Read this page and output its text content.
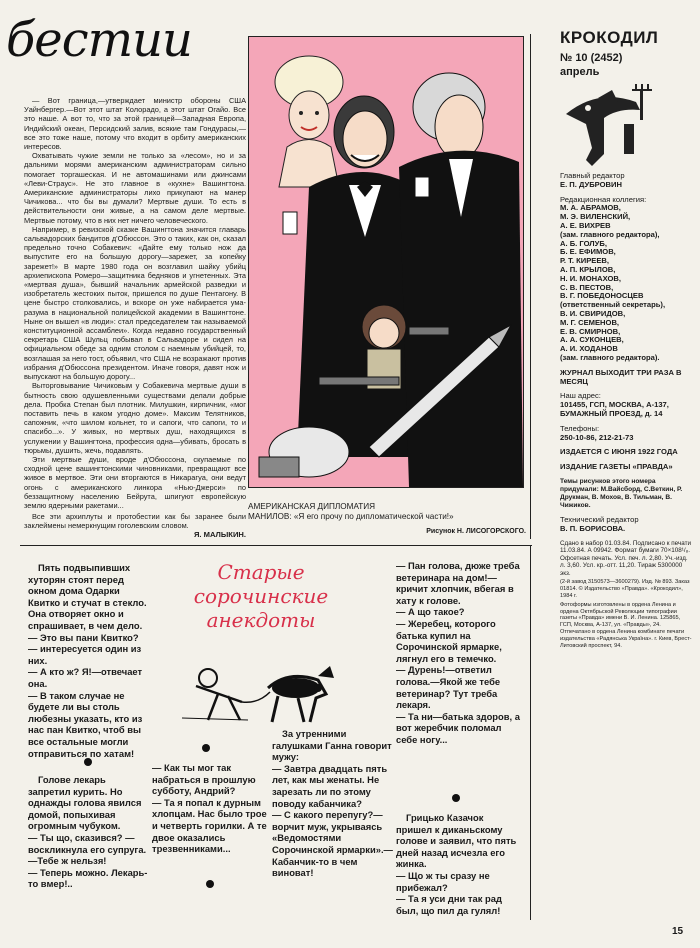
бестии

— Вот граница,—утверждает министр обороны США Уайнбергер.—Вот этот штат Колорадо, а этот штат Огайо. Все это наше. А вот то, что за этой границей—Западная Европа, Индийский океан, Персидский залив, всякие там Гондурасы,—все это тоже наше, потому что входит в орбиту американских интересов.

Охватывать чужие земли не только за «лесом», но и за дальними морями американским администраторам сильно помогает торгашеская. И не автомашинами или джинсами «Леви-Страус». Не это главное в «кухне» Вашингтона. Американские администраторы лихо прикупают на манер Чичикова... что бы вы думали? Мертвые души. То есть в действительности они живые, а на самом деле мертвые. Мертвые потому, что в них нет ничего человеческого.

Например, в ревизской сказке Вашингтона значится главарь сальвадорских бандитов д'Обюссон. Это о таких, как он, сказал предельно точно Собакевич: «Дайте ему только нож да выпустите его на большую дорогу—зарежет, за копейку зарежет!» В марте 1980 года он возглавил шайку убийц архиепископа Ромеро—защитника бедняков и угнетенных. Эта «мертвая душа», бывший начальник армейской разведки и изобретатель жестоких пыток, пришелся по душе Пентагону. В цене быстро столковались, и вскоре он уже набирается ума-разума в национальной полицейской академии в Вашингтоне. Ныне он вышел «в люди»: стал председателем так называемой конституционной ассамблеи». Когда недавно государственный секретарь США Шульц побывал в Сальвадоре и сидел на официальном обеде за одним столом с наемным убийцей, то, возглашая за него тост, объявил, что США не возражают против избрания д'Обюссона президентом. Иначе говоря, давят нож и выпускают на большую дорогу...

Выторговывание Чичиковым у Собакевича мертвые души в бытность свою одушевленными существами делали добрые дела. Пробка Степан был плотник. Милушкин, кирпичник, «мог поставить печь в каком угодно доме». Максим Телятников, сапожник, «что шилом кольнет, то и сапоги, что сапоги, то и спасибо...». У живых, но мертвых душ, находящихся в услужении у Вашингтона, профессия одна—убивать, бросать в тюрьмы, душить, жечь, подавлять.

Эти мертвые души, вроде д'Обюссона, скупаемые по сходной цене вашингтонскими чиновниками, превращают все живое в мертвое. Эти они вторгаются в Никарагуа, они ведут огонь с американского линкора «Нью-Джерси» по беззащитному населению Бейрута, шпигуют европейскую землю ядерными ракетами...

Все эти архиплуты и протобестии как бы заранее были заклеймены немеркнущим гоголевским словом.

Я. МАЛЫКИН.
АМЕРИКАНСКАЯ ДИПЛОМАТИЯ
МАНИЛОВ: «Я его прочу по дипломатической части!»
Рисунок Н. ЛИСОГОРСКОГО.
КРОКОДИЛ
№ 10 (2452)
апрель
Главный редактор
Е. П. ДУБРОВИН
Редакционная коллегия:
М. А. АБРАМОВ,
М. Э. ВИЛЕНСКИЙ,
А. Е. ВИХРЕВ
(зам. главного редактора),
А. Б. ГОЛУБ,
Б. Е. ЕФИМОВ,
Р. Т. КИРЕЕВ,
А. П. КРЫЛОВ,
Н. И. МОНАХОВ,
С. В. ПЕСТОВ,
В. Г. ПОБЕДОНОСЦЕВ
(ответственный секретарь),
В. И. СВИРИДОВ,
М. Г. СЕМЕНОВ,
Е. В. СМИРНОВ,
А. А. СУКОНЦЕВ,
А. И. ХОДАНОВ
(зам. главного редактора).
ЖУРНАЛ ВЫХОДИТ ТРИ РАЗА В МЕСЯЦ
Наш адрес:
101455, ГСП, МОСКВА, А-137, БУМАЖНЫЙ ПРОЕЗД, д. 14
Телефоны:
250-10-86, 212-21-73
ИЗДАЕТСЯ С ИЮНЯ 1922 ГОДА
ИЗДАНИЕ ГАЗЕТЫ «ПРАВДА»
Темы рисунков этого номера придумали: М.Вайсборд, С.Веткин, Р. Друкман, В. Мохов, В. Тильман, В. Чижиков.
Технический редактор
В. П. БОРИСОВА.
Сдано в набор 01.03.84. Подписано к печати 11.03.84. А 09942. Формат бумаги 70×108¹/₈. Офсетная печать. Усл. печ. л. 2,80. Уч.-изд. л. 3,60. Усл. кр.-отт. 11,20. Тираж 5300000 экз.
(2-й завод 3150573—3600279). Изд. № 893. Заказ 01814. © Издательство «Правда». «Крокодил», 1984 г.
Фотоформы изготовлены в ордена Ленина и ордена Октябрьской Революции типографии газеты «Правда» имени В. И. Ленина. 125865, ГСП, Москва, А-137, ул. «Правды», 24. Отпечатано в ордена Ленина комбинате печати издательства «Радянська Україна». г. Киев, Брест-Литовский проспект, 94.
Старые
сорочинские
анекдоты

Пять подвыпивших хуторян стоят перед окном дома Одарки Квитко и стучат в стекло. Она отворяет окно и спрашивает, в чем дело.

— Это вы пани Квитко? — интересуется один из них.

— А кто ж? Я!—отвечает она.

— В таком случае не будете ли вы столь любезны указать, кто из нас пан Квитко, чтоб вы все остальные могли отправиться по хатам!

Голове лекарь запретил курить. Но однажды голова явился домой, попыхивая огромным чубуком.

— Ты що, сказився? — воскликнула его супруга.—Тебе ж нельзя!

— Теперь можно. Лекарь-то вмер!..

За утренними галушками Ганна говорит мужу:

— Завтра двадцать пять лет, как мы женаты. Не зарезать ли по этому поводу кабанчика?

— С какого перепугу?—ворчит муж, укрываясь «Ведомостями Сорочинской ярмарки».— Кабанчик-то в чем виноват!

— Как ты мог так набраться в прошлую субботу, Андрий?

— Та я попал к дурным хлопцам. Нас было трое и четверть горилки. А те двое оказались трезвенниками...

— Пан голова, дюже треба ветеринара на дом!—кричит хлопчик, вбегая в хату к голове.

— А що такое?

— Жеребец, которого батька купил на Сорочинской ярмарке, лягнул его в темечко.

— Дурень!—ответил голова.—Якой же тебе ветеринар? Тут треба лекаря.

— Та ни—батька здоров, а вот жеребчик поломал себе ногу...

Грицько Казачок пришел к диканьскому голове и заявил, что пять дней назад исчезла его жинка.

— Що ж ты сразу не прибежал?

— Та я уси дни так рад был, що пил да гулял!

15
